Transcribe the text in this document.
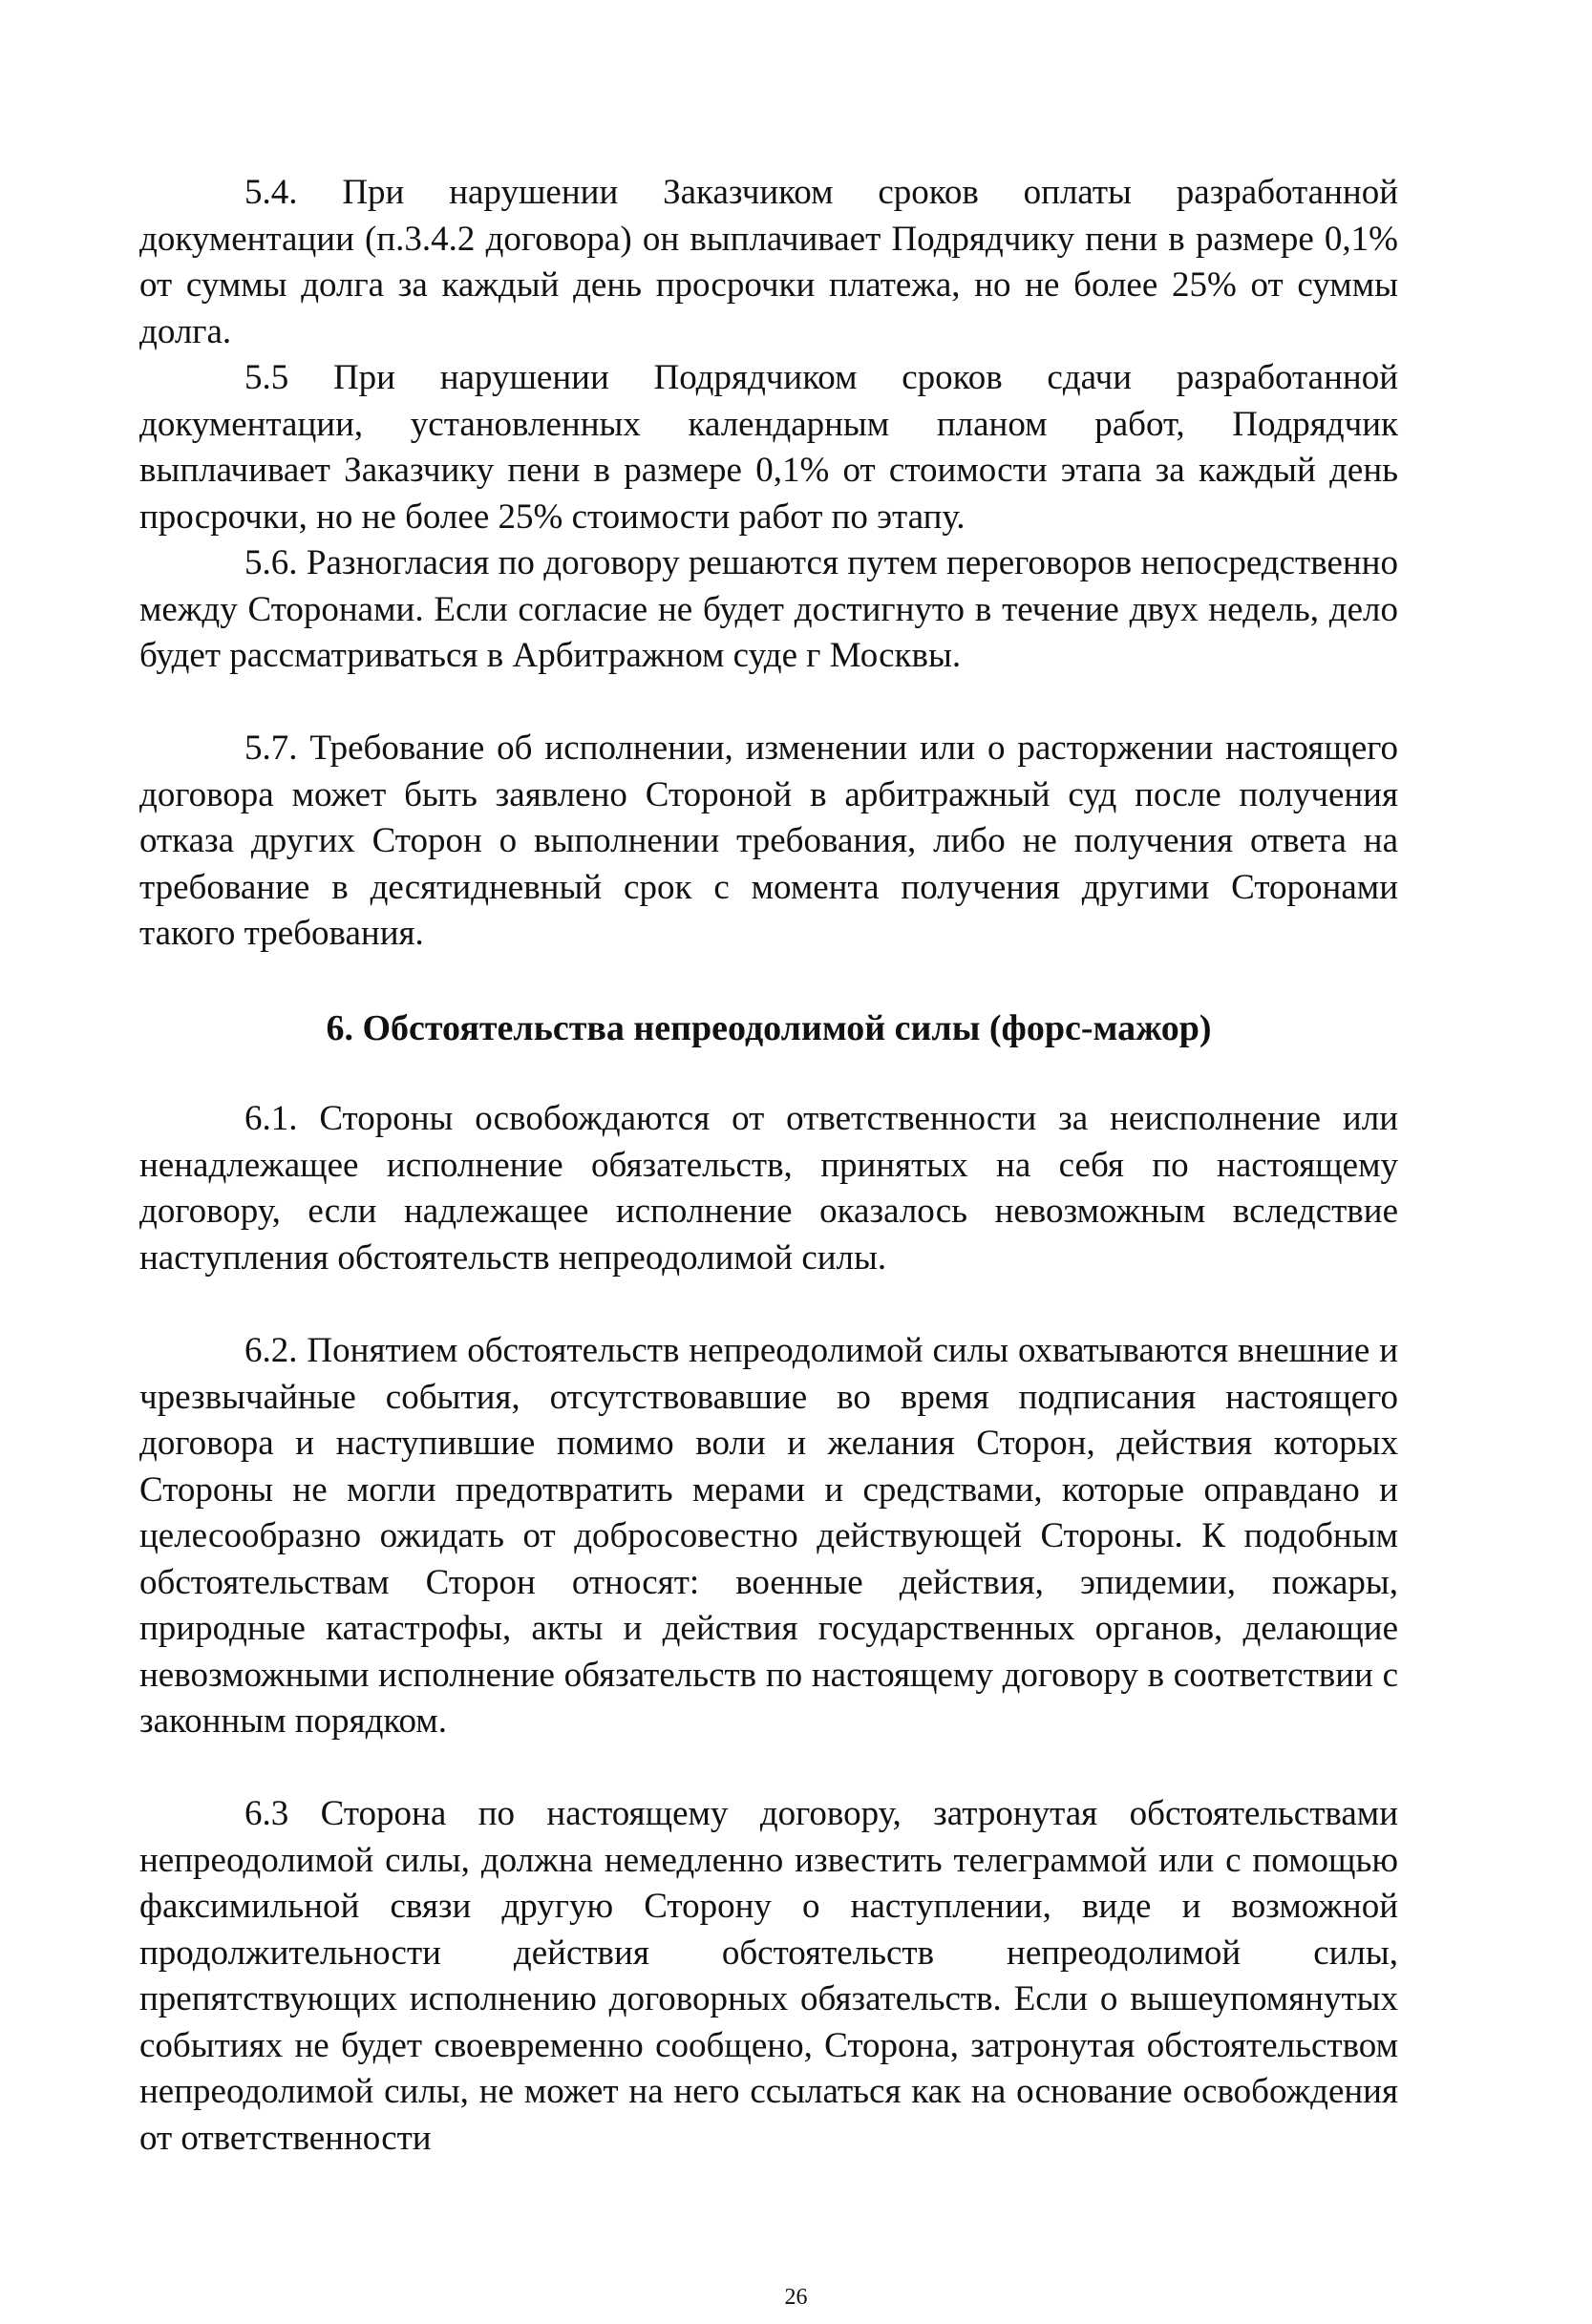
5.4. При нарушении Заказчиком сроков оплаты разработанной документации (п.3.4.2 договора) он выплачивает Подрядчику пени в размере 0,1% от суммы долга за каждый день просрочки платежа, но не более 25% от суммы долга.

5.5 При нарушении Подрядчиком сроков сдачи разработанной документации, установленных календарным планом работ, Подрядчик выплачивает Заказчику пени в размере 0,1% от стоимости этапа за каждый день просрочки, но не более 25% стоимости работ по этапу.

5.6. Разногласия по договору решаются путем переговоров непосредственно между Сторонами. Если согласие не будет достигнуто в течение двух недель, дело будет рассматриваться в Арбитражном суде г Москвы.

5.7. Требование об исполнении, изменении или о расторжении настоящего договора может быть заявлено Стороной в арбитражный суд после получения отказа других Сторон о выполнении требования, либо не получения ответа на требование в десятидневный срок с момента получения другими Сторонами такого требования.

6. Обстоятельства непреодолимой силы (форс-мажор)

6.1. Стороны освобождаются от ответственности за неисполнение или ненадлежащее исполнение обязательств, принятых на себя по настоящему договору, если надлежащее исполнение оказалось невозможным вследствие наступления обстоятельств непреодолимой силы.

6.2. Понятием обстоятельств непреодолимой силы охватываются внешние и чрезвычайные события, отсутствовавшие во время подписания настоящего договора и наступившие помимо воли и желания Сторон, действия которых Стороны не могли предотвратить мерами и средствами, которые оправдано и целесообразно ожидать от добросовестно действующей Стороны. К подобным обстоятельствам Сторон относят: военные действия, эпидемии, пожары, природные катастрофы, акты и действия государственных органов, делающие невозможными исполнение обязательств по настоящему договору в соответствии с законным порядком.

6.3 Сторона по настоящему договору, затронутая обстоятельствами непреодолимой силы, должна немедленно известить телеграммой или с помощью факсимильной связи другую Сторону о наступлении, виде и возможной продолжительности действия обстоятельств непреодолимой силы, препятствующих исполнению договорных обязательств. Если о вышеупомянутых событиях не будет своевременно сообщено, Сторона, затронутая обстоятельством непреодолимой силы, не может на него ссылаться как на основание освобождения от ответственности

26
